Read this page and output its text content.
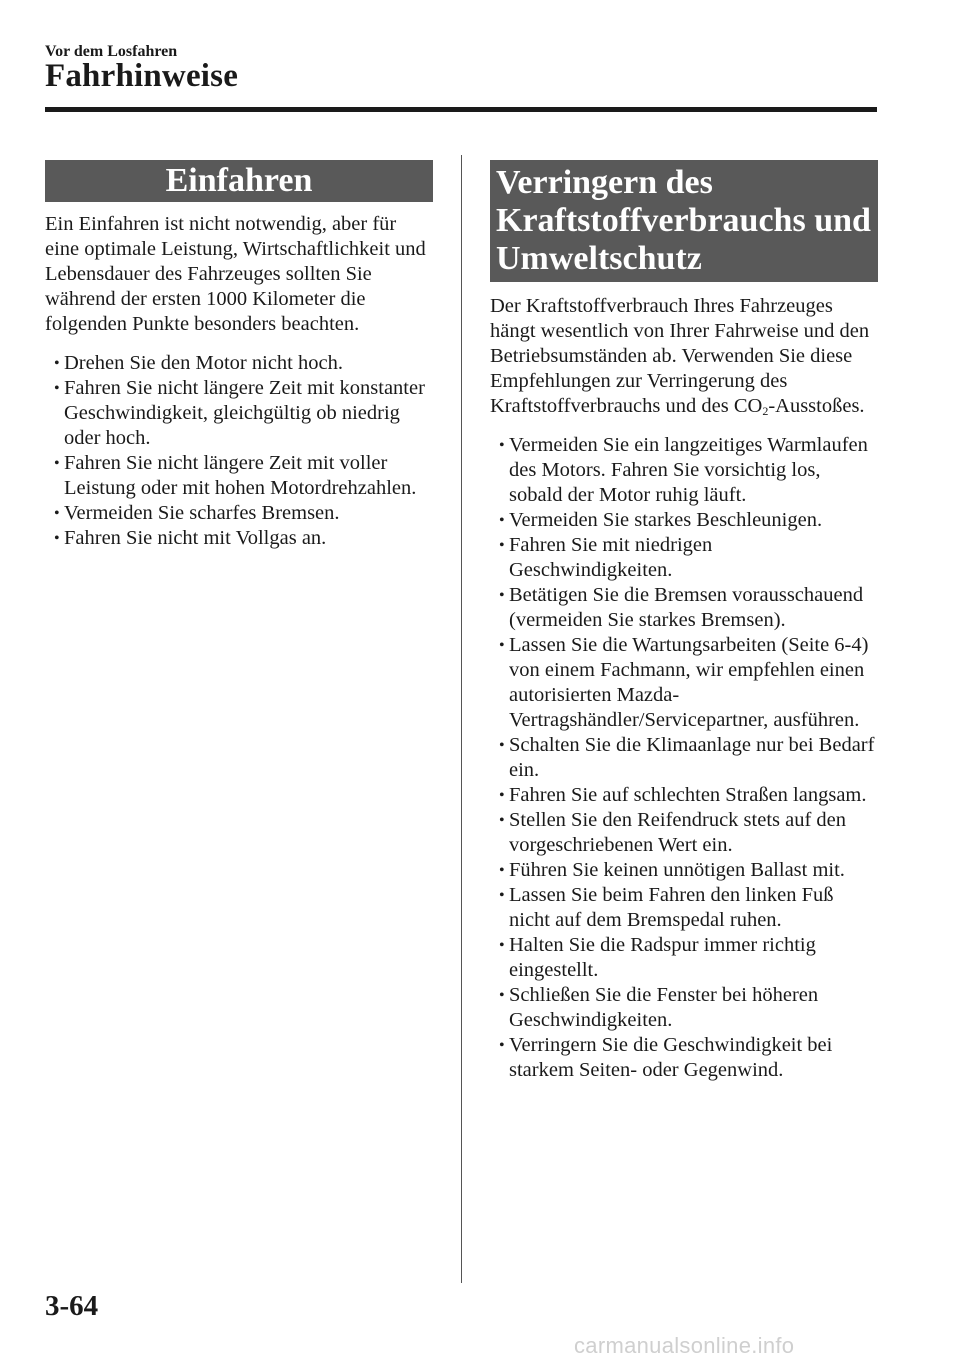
Vor dem Losfahren
Fahrhinweise
Einfahren

Ein Einfahren ist nicht notwendig, aber für eine optimale Leistung, Wirtschaftlichkeit und Lebensdauer des Fahrzeuges sollten Sie während der ersten 1000 Kilometer die folgenden Punkte besonders beachten.

• Drehen Sie den Motor nicht hoch.
• Fahren Sie nicht längere Zeit mit konstanter Geschwindigkeit, gleichgültig ob niedrig oder hoch.
• Fahren Sie nicht längere Zeit mit voller Leistung oder mit hohen Motordrehzahlen.
• Vermeiden Sie scharfes Bremsen.
• Fahren Sie nicht mit Vollgas an.
Verringern des
Kraftstoffverbrauchs und
Umweltschutz

Der Kraftstoffverbrauch Ihres Fahrzeuges hängt wesentlich von Ihrer Fahrweise und den Betriebsumständen ab. Verwenden Sie diese Empfehlungen zur Verringerung des Kraftstoffverbrauchs und des $CO_2$-Ausstoßes.

• Vermeiden Sie ein langzeitiges Warmlaufen des Motors. Fahren Sie vorsichtig los, sobald der Motor ruhig läuft.
• Vermeiden Sie starkes Beschleunigen.
• Fahren Sie mit niedrigen Geschwindigkeiten.
• Betätigen Sie die Bremsen vorausschauend (vermeiden Sie starkes Bremsen).
• Lassen Sie die Wartungsarbeiten (Seite 6-4) von einem Fachmann, wir empfehlen einen autorisierten Mazda-Vertragshändler/Servicepartner, ausführen.
• Schalten Sie die Klimaanlage nur bei Bedarf ein.
• Fahren Sie auf schlechten Straßen langsam.
• Stellen Sie den Reifendruck stets auf den vorgeschriebenen Wert ein.
• Führen Sie keinen unnötigen Ballast mit.
• Lassen Sie beim Fahren den linken Fuß nicht auf dem Bremspedal ruhen.
• Halten Sie die Radspur immer richtig eingestellt.
• Schließen Sie die Fenster bei höheren Geschwindigkeiten.
• Verringern Sie die Geschwindigkeit bei starkem Seiten- oder Gegenwind.
3-64
carmanualsonline.info
